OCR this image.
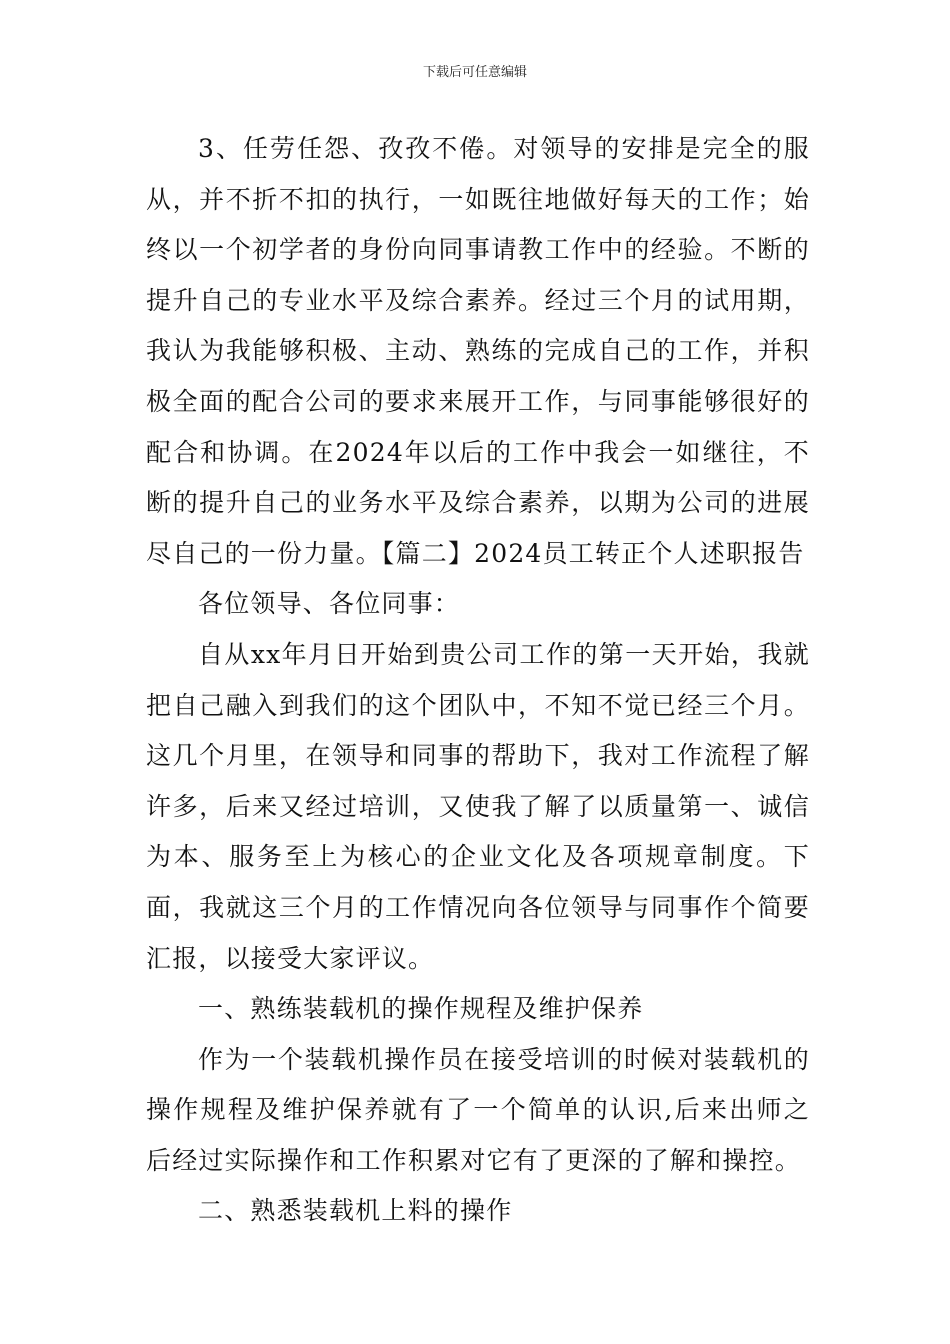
下载后可任意编辑

3、任劳任怨、孜孜不倦。对领导的安排是完全的服从，并不折不扣的执行，一如既往地做好每天的工作；始终以一个初学者的身份向同事请教工作中的经验。不断的提升自己的专业水平及综合素养。经过三个月的试用期，我认为我能够积极、主动、熟练的完成自己的工作，并积极全面的配合公司的要求来展开工作，与同事能够很好的配合和协调。在2024年以后的工作中我会一如继往，不断的提升自己的业务水平及综合素养，以期为公司的进展尽自己的一份力量。【篇二】2024员工转正个人述职报告

各位领导、各位同事：

自从xx年月日开始到贵公司工作的第一天开始，我就把自己融入到我们的这个团队中，不知不觉已经三个月。这几个月里，在领导和同事的帮助下，我对工作流程了解许多，后来又经过培训，又使我了解了以质量第一、诚信为本、服务至上为核心的企业文化及各项规章制度。下面，我就这三个月的工作情况向各位领导与同事作个简要汇报，以接受大家评议。

一、熟练装载机的操作规程及维护保养

作为一个装载机操作员在接受培训的时候对装载机的操作规程及维护保养就有了一个简单的认识,后来出师之后经过实际操作和工作积累对它有了更深的了解和操控。

二、熟悉装载机上料的操作
